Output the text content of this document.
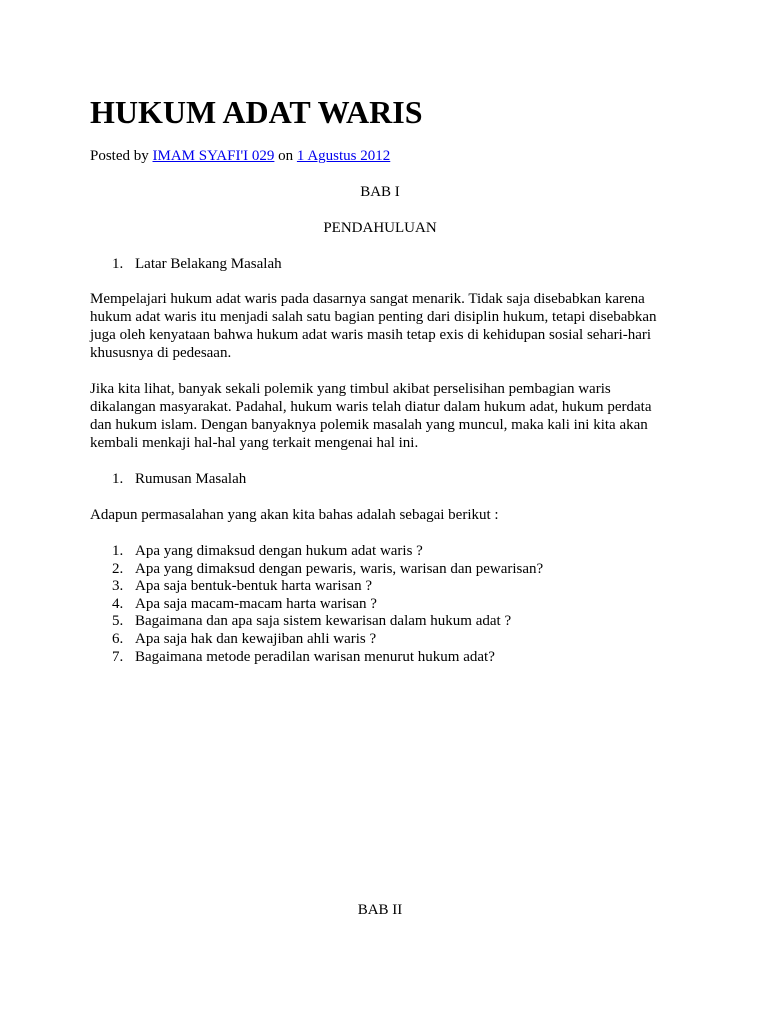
HUKUM ADAT WARIS
Posted by IMAM SYAFI'I 029 on 1 Agustus 2012
BAB I
PENDAHULUAN
1. Latar Belakang Masalah

Mempelajari hukum adat waris pada dasarnya sangat menarik. Tidak saja disebabkan karena hukum adat waris itu menjadi salah satu bagian penting dari disiplin hukum, tetapi disebabkan juga oleh kenyataan bahwa hukum adat waris masih tetap exis di kehidupan sosial sehari-hari khususnya di pedesaan.

Jika kita lihat, banyak sekali polemik yang timbul akibat perselisihan pembagian waris dikalangan masyarakat. Padahal, hukum waris telah diatur dalam hukum adat, hukum perdata dan hukum islam. Dengan banyaknya polemik masalah yang muncul, maka kali ini kita akan kembali menkaji hal-hal yang terkait mengenai hal ini.

1. Rumusan Masalah
Adapun permasalahan yang akan kita bahas adalah sebagai berikut :
1. Apa yang dimaksud dengan hukum adat waris ?
2. Apa yang dimaksud dengan pewaris, waris, warisan dan pewarisan?
3. Apa saja bentuk-bentuk harta warisan ?
4. Apa saja macam-macam harta warisan ?
5. Bagaimana dan apa saja sistem kewarisan dalam hukum adat ?
6. Apa saja hak dan kewajiban ahli waris ?
7. Bagaimana metode peradilan warisan menurut hukum adat?
BAB II
